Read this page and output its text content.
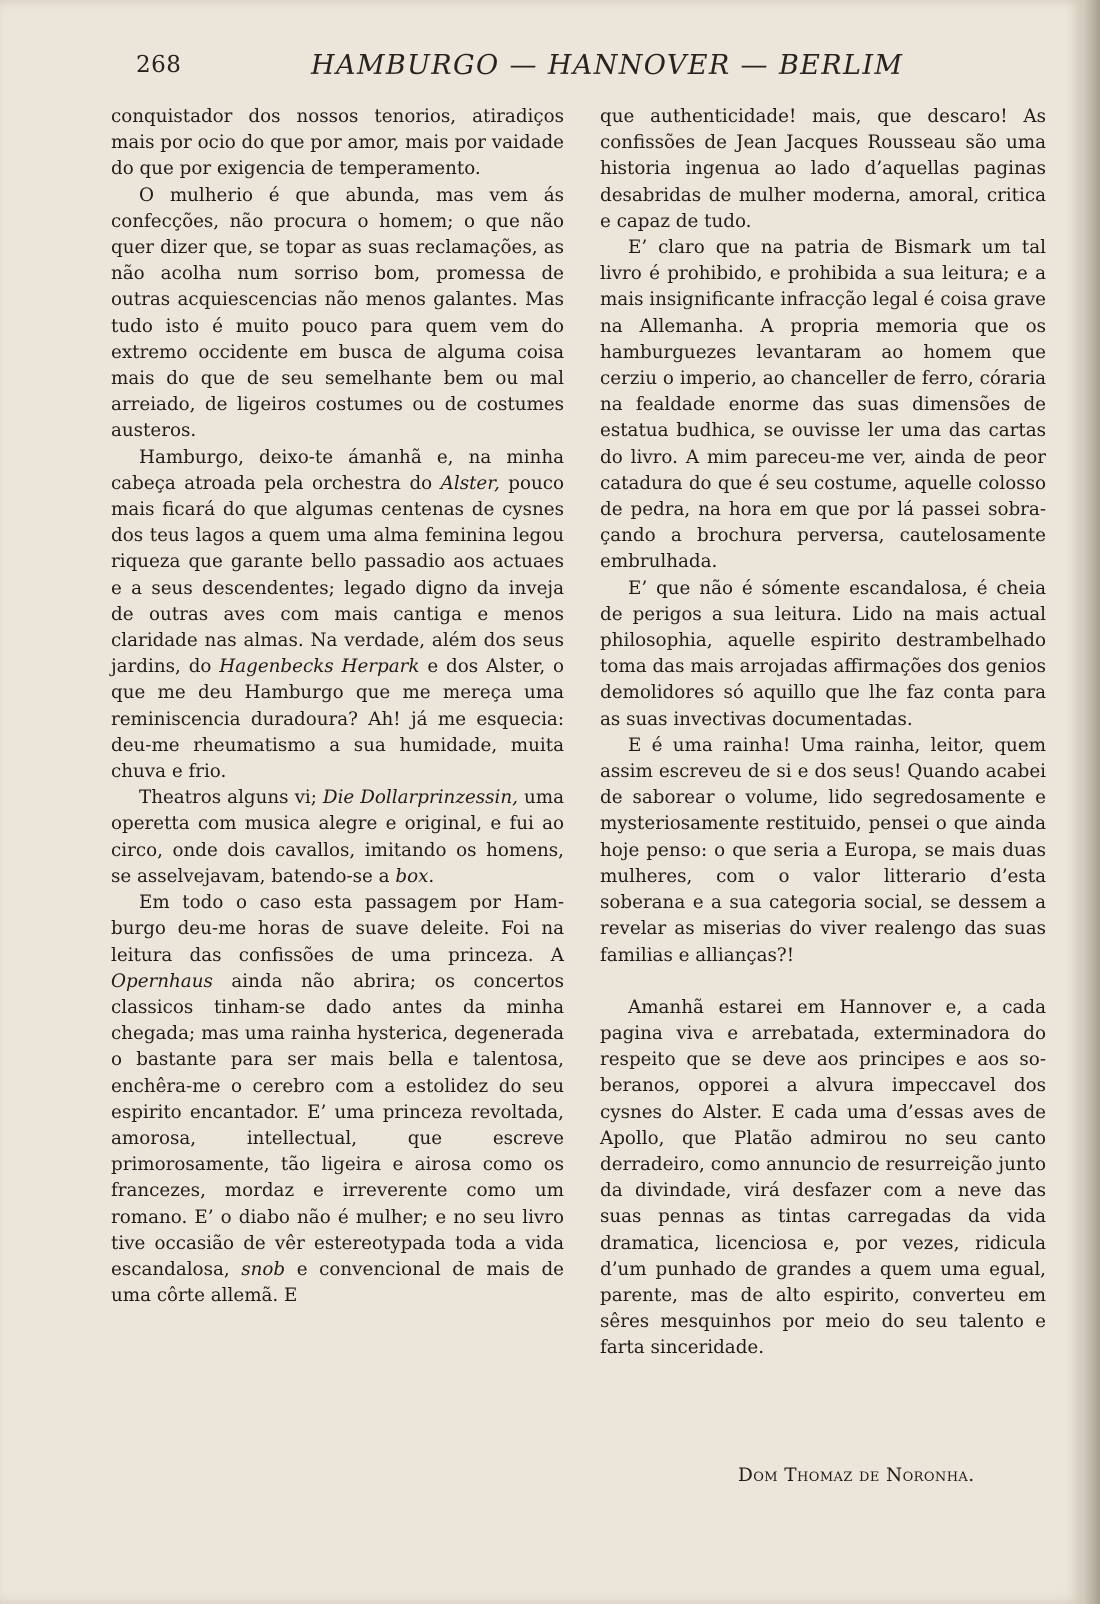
268	HAMBURGO — HANNOVER — BERLIM

conquistador dos nossos tenorios, atiradiços mais por ocio do que por amor, mais por vaidade do que por exigencia de temperamento.

O mulherio é que abunda, mas vem ás confecções, não procura o homem; o que não quer dizer que, se topar as suas reclamações, as não acolha num sorriso bom, promessa de outras acquiescencias não menos galantes. Mas tudo isto é muito pouco para quem vem do extremo occidente em busca de alguma coisa mais do que de seu semelhante bem ou mal arreiado, de ligeiros costumes ou de costumes austeros.

Hamburgo, deixo-te ámanhã e, na minha cabeça atroada pela orchestra do Alster, pouco mais ficará do que algumas centenas de cysnes dos teus lagos a quem uma alma feminina legou riqueza que garante bello passadio aos actuaes e a seus descendentes; legado digno da inveja de outras aves com mais cantiga e menos claridade nas almas. Na verdade, além dos seus jardins, do Hagenbecks Herpark e dos Alster, o que me deu Hamburgo que me mereça uma reminiscencia duradoura? Ah! já me esquecia: deu-me rheumatismo a sua humidade, muita chuva e frio.

Theatros alguns vi; Die Dollarprinzessin, uma operetta com musica alegre e original, e fui ao circo, onde dois cavallos, imitando os homens, se asselvejavam, batendo-se a box.

Em todo o caso esta passagem por Hamburgo deu-me horas de suave deleite. Foi na leitura das confissões de uma princeza. A Opernhaus ainda não abrira; os concertos classicos tinham-se dado antes da minha chegada; mas uma rainha hysterica, degenerada o bastante para ser mais bella e talentosa, enchêra-me o cerebro com a estolidez do seu espirito encantador. E’ uma princeza revoltada, amorosa, intellectual, que escreve primorosamente, tão ligeira e airosa como os francezes, mordaz e irreverente como um romano. E’ o diabo não é mulher; e no seu livro tive occasião de vêr estereotypada toda a vida escandalosa, snob e convencional de mais de uma côrte allemã. E

que authenticidade! mais, que descaro! As confissões de Jean Jacques Rousseau são uma historia ingenua ao lado d’aquellas paginas desabridas de mulher moderna, amoral, critica e capaz de tudo.

E’ claro que na patria de Bismark um tal livro é prohibido, e prohibida a sua leitura; e a mais insignificante infracção legal é coisa grave na Allemanha. A propria memoria que os hamburguezes levantaram ao homem que cerziu o imperio, ao chanceller de ferro, córaria na fealdade enorme das suas dimensões de estatua budhica, se ouvisse ler uma das cartas do livro. A mim pareceu-me ver, ainda de peor catadura do que é seu costume, aquelle colosso de pedra, na hora em que por lá passei sobraçando a brochura perversa, cautelosamente embrulhada.

E’ que não é sómente escandalosa, é cheia de perigos a sua leitura. Lido na mais actual philosophia, aquelle espirito destrambelhado toma das mais arrojadas affirmações dos genios demolidores só aquillo que lhe faz conta para as suas invectivas documentadas.

E é uma rainha! Uma rainha, leitor, quem assim escreveu de si e dos seus! Quando acabei de saborear o volume, lido segredosamente e mysteriosamente restituido, pensei o que ainda hoje penso: o que seria a Europa, se mais duas mulheres, com o valor litterario d’esta soberana e a sua categoria social, se dessem a revelar as miserias do viver realengo das suas familias e allianças?!

Amanhã estarei em Hannover e, a cada pagina viva e arrebatada, exterminadora do respeito que se deve aos principes e aos soberanos, opporei a alvura impeccavel dos cysnes do Alster. E cada uma d’essas aves de Apollo, que Platão admirou no seu canto derradeiro, como annuncio de resurreição junto da divindade, virá desfazer com a neve das suas pennas as tintas carregadas da vida dramatica, licenciosa e, por vezes, ridicula d’um punhado de grandes a quem uma egual, parente, mas de alto espirito, converteu em sêres mesquinhos por meio do seu talento e farta sinceridade.

Dom Thomaz de Noronha.
